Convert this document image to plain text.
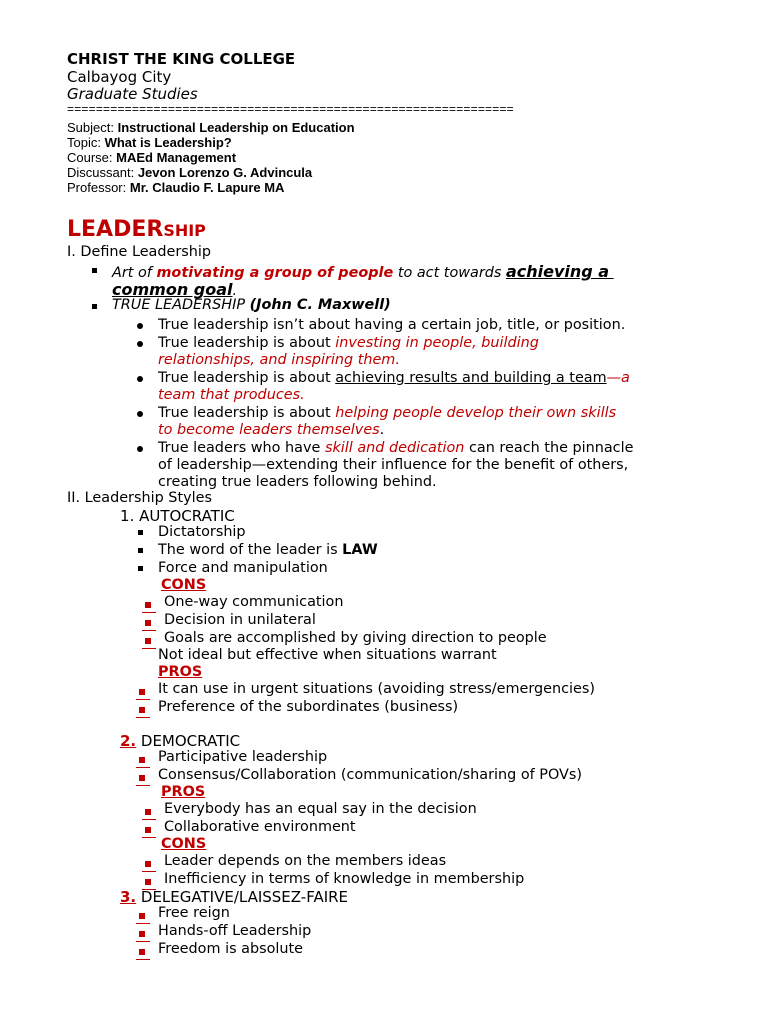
CHRIST THE KING COLLEGE
Calbayog City
Graduate Studies
==============================================================
Subject: Instructional Leadership on Education
Topic: What is Leadership?
Course: MAEd Management
Discussant: Jevon Lorenzo G. Advincula
Professor: Mr. Claudio F. Lapure MA
LEADERSHIP
I. Define Leadership
Art of motivating a group of people to act towards achieving a
common goal.
TRUE LEADERSHIP (John C. Maxwell)
True leadership isn’t about having a certain job, title, or position.
True leadership is about investing in people, building
relationships, and inspiring them.
True leadership is about achieving results and building a team—a
team that produces.
True leadership is about helping people develop their own skills
to become leaders themselves.
True leaders who have skill and dedication can reach the pinnacle
of leadership—extending their influence for the benefit of others,
creating true leaders following behind.
II. Leadership Styles
1. AUTOCRATIC
Dictatorship
The word of the leader is LAW
Force and manipulation
CONS
One-way communication
Decision in unilateral
Goals are accomplished by giving direction to people
Not ideal but effective when situations warrant
PROS
It can use in urgent situations (avoiding stress/emergencies)
Preference of the subordinates (business)
2. DEMOCRATIC
Participative leadership
Consensus/Collaboration (communication/sharing of POVs)
PROS
Everybody has an equal say in the decision
Collaborative environment
CONS
Leader depends on the members ideas
Inefficiency in terms of knowledge in membership
3. DELEGATIVE/LAISSEZ-FAIRE
Free reign
Hands-off Leadership
Freedom is absolute
